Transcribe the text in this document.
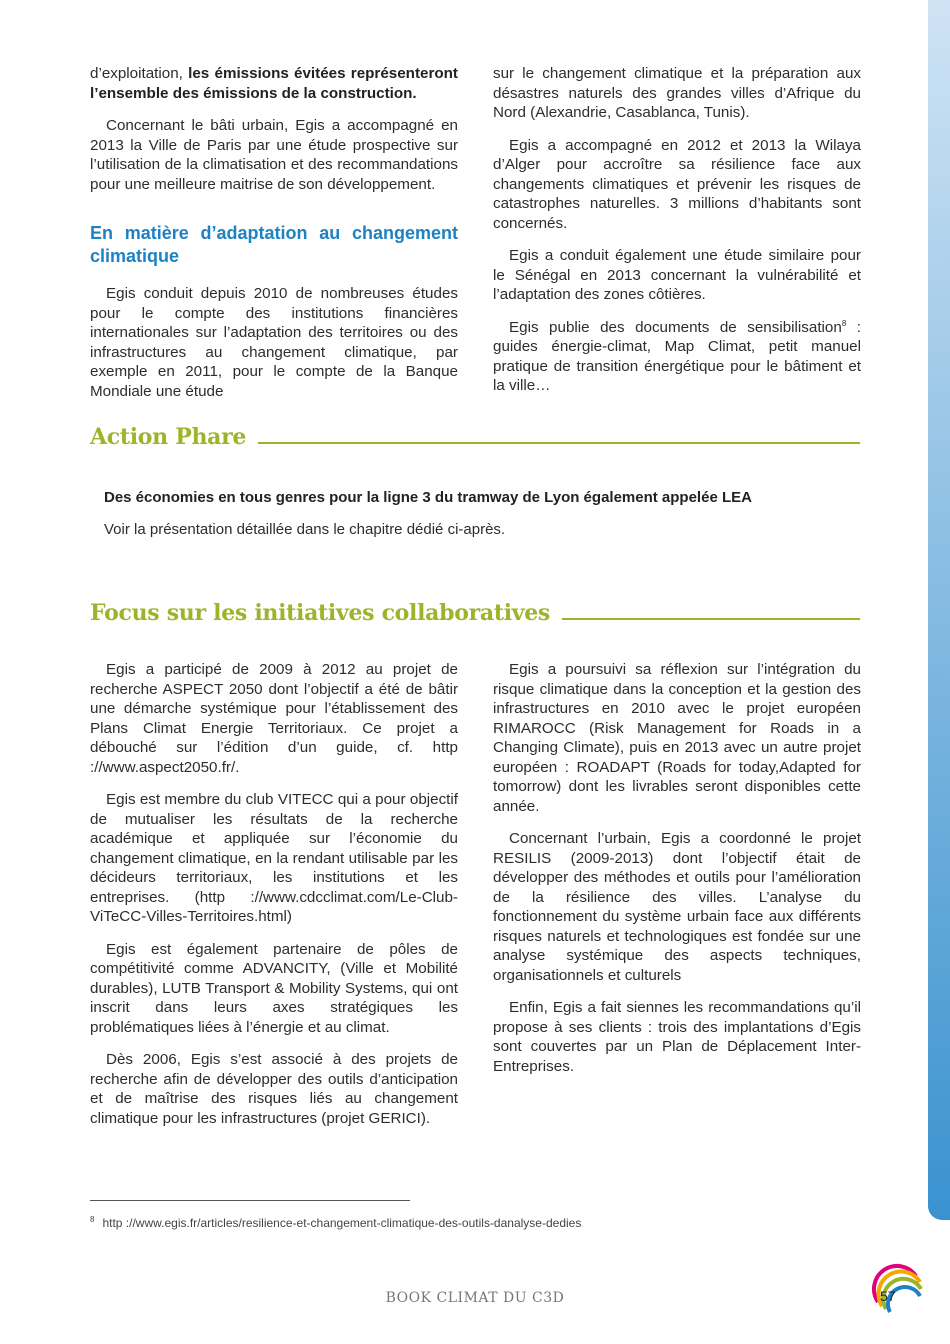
d’exploitation, les émissions évitées représenteront l’ensemble des émissions de la construction.

Concernant le bâti urbain, Egis a accompagné en 2013 la Ville de Paris par une étude prospective sur l’utilisation de la climatisation et des recommandations pour une meilleure maitrise de son développement.

En matière d’adaptation au changement climatique

Egis conduit depuis 2010 de nombreuses études pour le compte des institutions financières internationales sur l’adaptation des territoires ou des infrastructures au changement climatique, par exemple en 2011, pour le compte de la Banque Mondiale une étude

sur le changement climatique et la préparation aux désastres naturels des grandes villes d’Afrique du Nord (Alexandrie, Casablanca, Tunis).

Egis a accompagné en 2012 et 2013 la Wilaya d’Alger pour accroître sa résilience face aux changements climatiques et prévenir les risques de catastrophes naturelles. 3 millions d’habitants sont concernés.

Egis a conduit également une étude similaire pour le Sénégal en 2013 concernant la vulnérabilité et l’adaptation des zones côtières.

Egis publie des documents de sensibilisation$^8$ : guides énergie-climat, Map Climat, petit manuel pratique de transition énergétique pour le bâtiment et la ville…

Action Phare
Des économies en tous genres pour la ligne 3 du tramway de Lyon également appelée LEA
Voir la présentation détaillée dans le chapitre dédié ci-après.
Focus sur les initiatives collaboratives

Egis a participé de 2009 à 2012 au projet de recherche ASPECT 2050 dont l’objectif a été de bâtir une démarche systémique pour l’établissement des Plans Climat Energie Territoriaux. Ce projet a débouché sur l’édition d’un guide, cf. http ://www.aspect2050.fr/.

Egis est membre du club VITECC qui a pour objectif de mutualiser les résultats de la recherche académique et appliquée sur l’économie du changement climatique, en la rendant utilisable par les décideurs territoriaux, les institutions et les entreprises. (http ://www.cdcclimat.com/Le-Club-ViTeCC-Villes-Territoires.html)

Egis est également partenaire de pôles de compétitivité comme ADVANCITY, (Ville et Mobilité durables), LUTB Transport & Mobility Systems, qui ont inscrit dans leurs axes stratégiques les problématiques liées à l’énergie et au climat.

Dès 2006, Egis s’est associé à des projets de recherche afin de développer des outils d’anticipation et de maîtrise des risques liés au changement climatique pour les infrastructures (projet GERICI).

Egis a poursuivi sa réflexion sur l’intégration du risque climatique dans la conception et la gestion des infrastructures en 2010 avec le projet européen RIMAROCC (Risk Management for Roads in a Changing Climate), puis en 2013 avec un autre projet européen : ROADAPT (Roads for today,Adapted for tomorrow) dont les livrables seront disponibles cette année.

Concernant l’urbain, Egis a coordonné le projet RESILIS (2009-2013) dont l’objectif était de développer des méthodes et outils pour l’amélioration de la résilience des villes. L’analyse du fonctionnement du système urbain face aux différents risques naturels et technologiques est fondée sur une analyse systémique des aspects techniques, organisationnels et culturels

Enfin, Egis a fait siennes les recommandations qu’il propose à ses clients : trois des implantations d’Egis sont couvertes par un Plan de Déplacement Inter-Entreprises.

$^8$ http ://www.egis.fr/articles/resilience-et-changement-climatique-des-outils-danalyse-dedies
BOOK CLIMAT DU C3D	57
